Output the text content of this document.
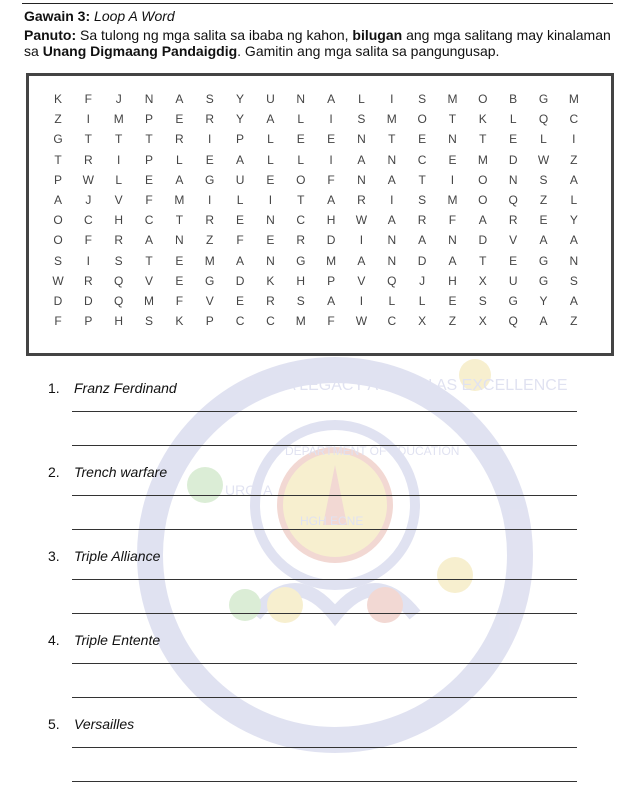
Gawain 3: Loop A Word
Panuto: Sa tulong ng mga salita sa ibaba ng kahon, bilugan ang mga salitang may kinalaman sa Unang Digmaang Pandaigdig. Gamitin ang mga salita sa pangungusap.
K	F	J	N	A	S	Y	U	N	A	L	I	S	M	O	B	G	M
Z	I	M	P	E	R	Y	A	L	I	S	M	O	T	K	L	Q	C
G	T	T	T	R	I	P	L	E	E	N	T	E	N	T	E	L	I
T	R	I	P	L	E	A	L	L	I	A	N	C	E	M	D	W	Z
P	W	L	E	A	G	U	E	O	F	N	A	T	I	O	N	S	A
A	J	V	F	M	I	L	I	T	A	R	I	S	M	O	Q	Z	L
O	C	H	C	T	R	E	N	C	H	W	A	R	F	A	R	E	Y
O	F	R	A	N	Z	F	E	R	D	I	N	A	N	D	V	A	A
S	I	S	T	E	M	A	N	G	M	A	N	D	A	T	E	G	N
W	R	Q	V	E	G	D	K	H	P	V	Q	J	H	X	U	G	S
D	D	Q	M	F	V	E	R	S	A	I	L	L	E	S	G	Y	A
F	P	H	S	K	P	C	C	M	F	W	C	X	Z	X	Q	A	Z
A LEGACY AS RICH AS EXCELLENCE
DEPARTMENT OF EDUCATION
URO: A
HGH ECNE
1. Franz Ferdinand
2. Trench warfare
3. Triple Alliance
4. Triple Entente
5. Versailles
